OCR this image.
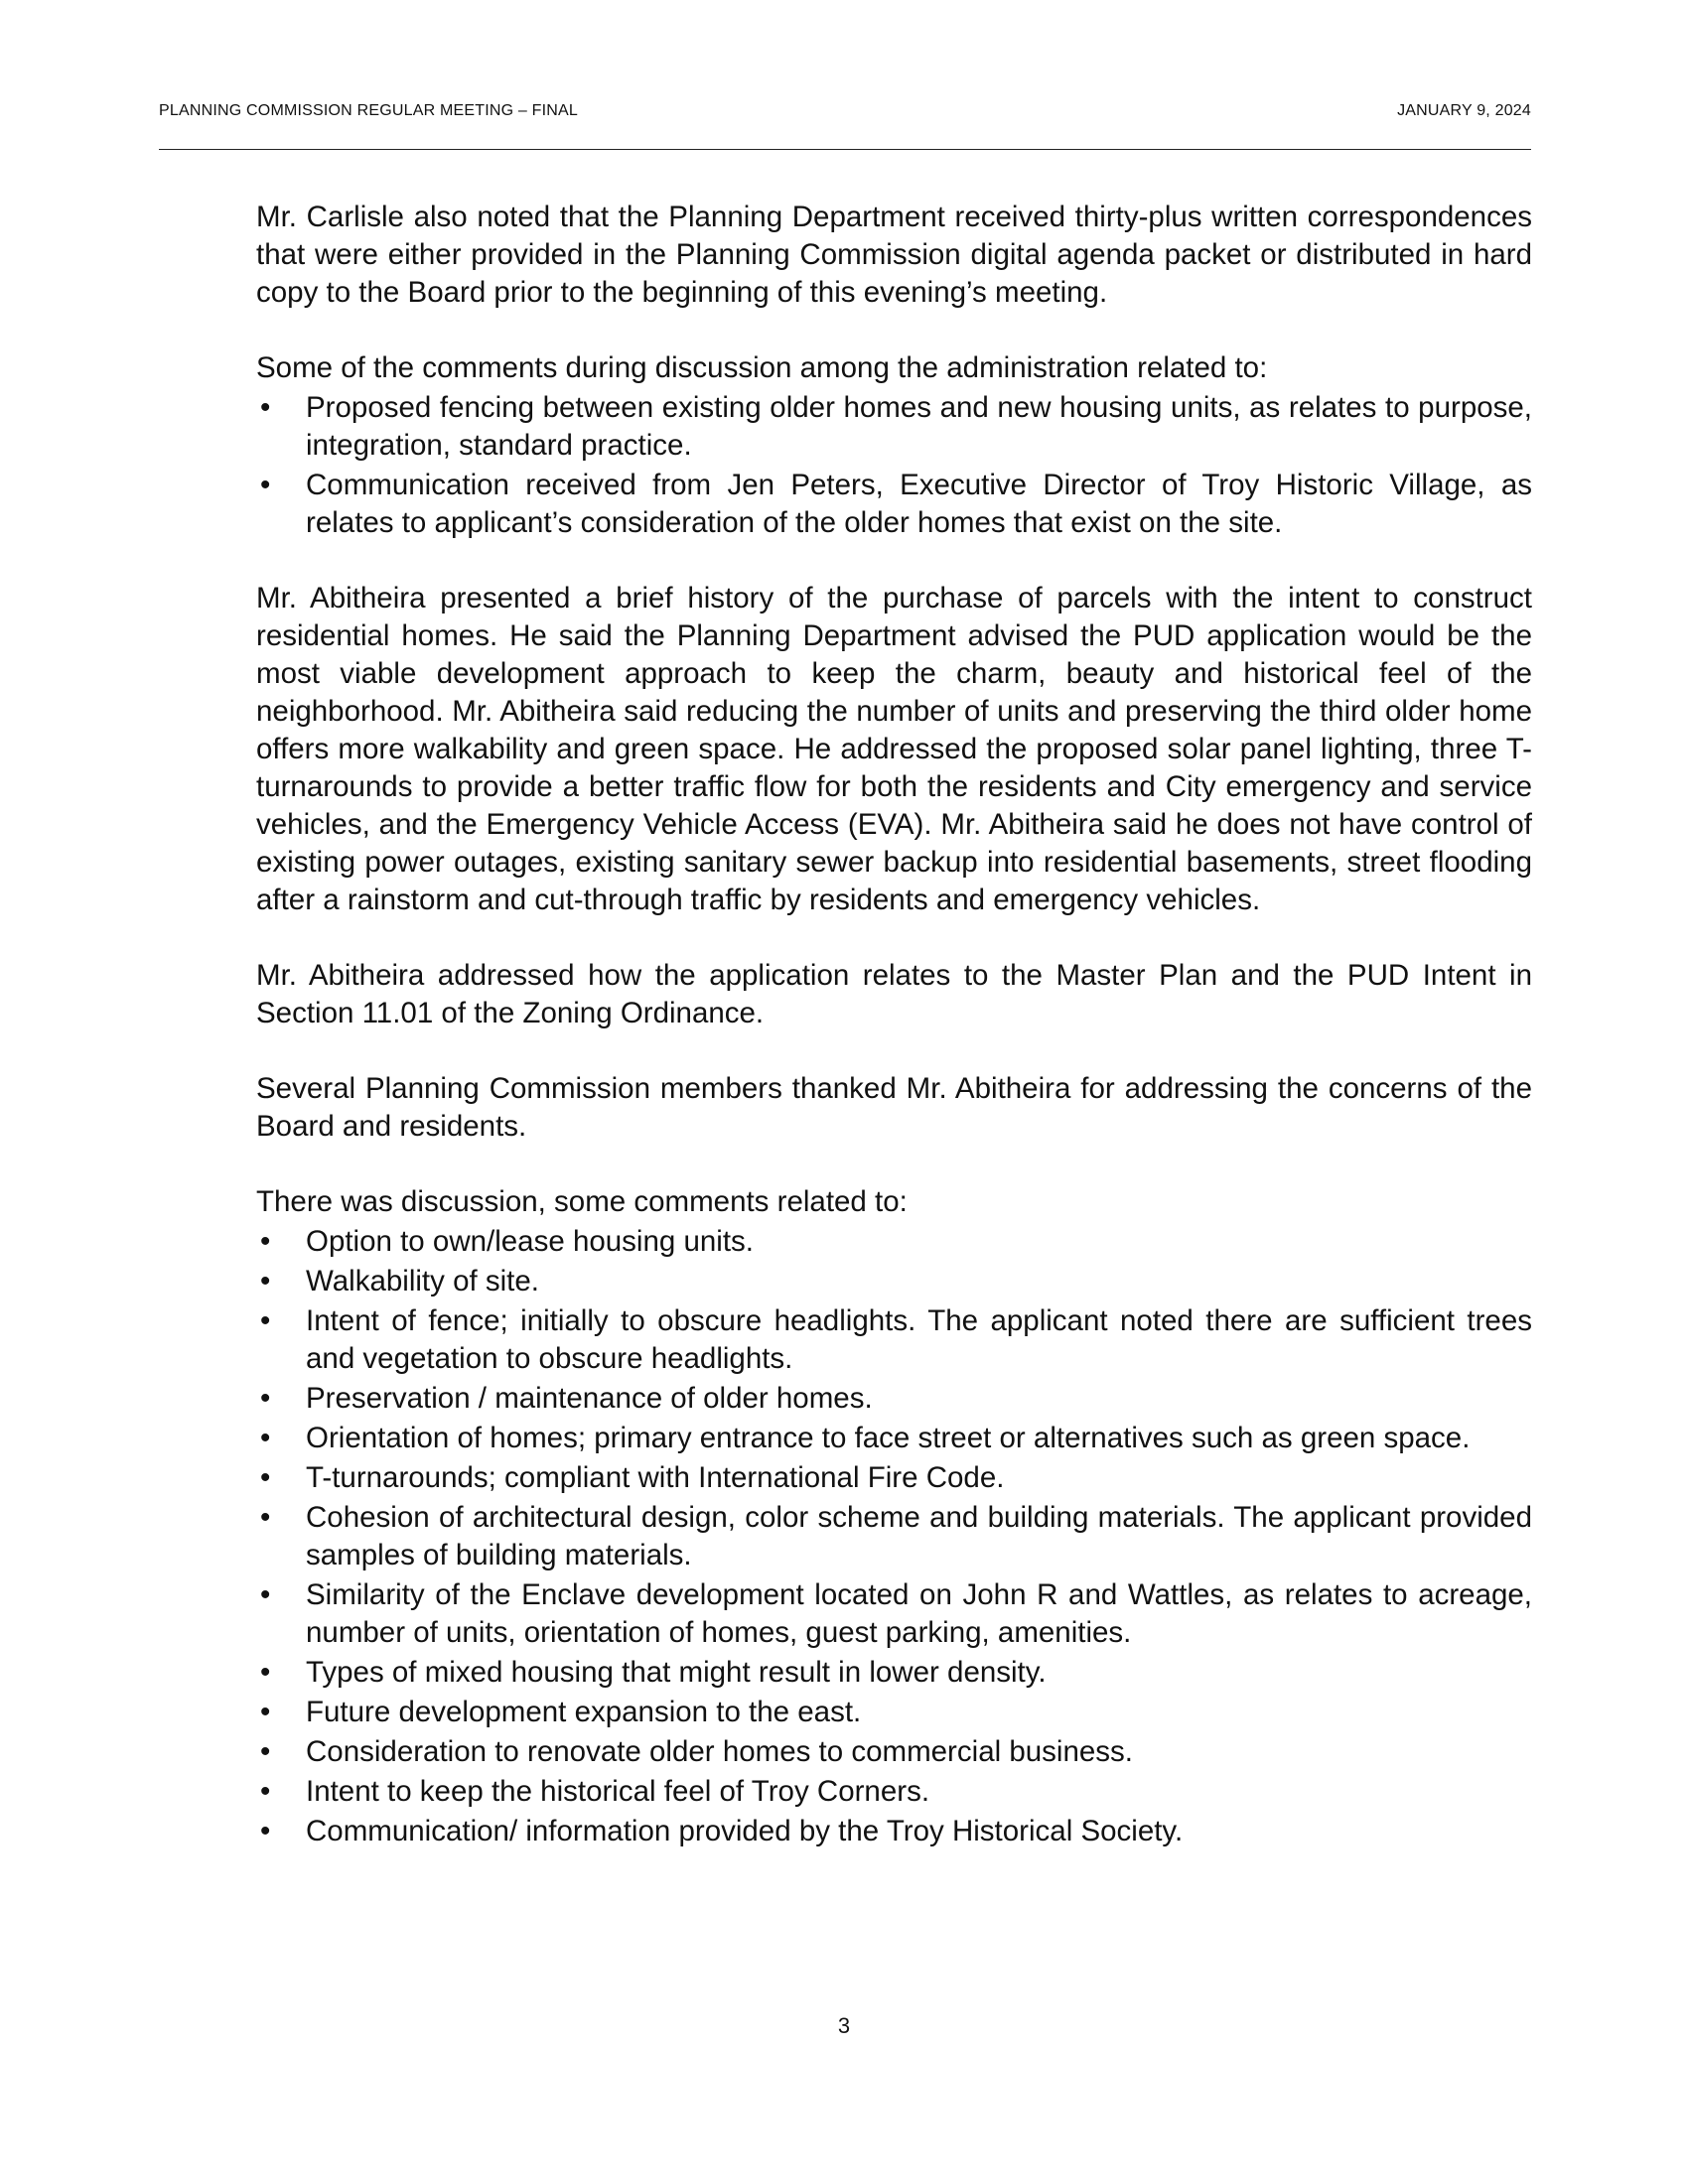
PLANNING COMMISSION REGULAR MEETING – FINAL	JANUARY 9, 2024

Mr. Carlisle also noted that the Planning Department received thirty-plus written correspondences that were either provided in the Planning Commission digital agenda packet or distributed in hard copy to the Board prior to the beginning of this evening’s meeting.

Some of the comments during discussion among the administration related to:

•	Proposed fencing between existing older homes and new housing units, as relates to purpose, integration, standard practice.
•	Communication received from Jen Peters, Executive Director of Troy Historic Village, as relates to applicant’s consideration of the older homes that exist on the site.

Mr. Abitheira presented a brief history of the purchase of parcels with the intent to construct residential homes. He said the Planning Department advised the PUD application would be the most viable development approach to keep the charm, beauty and historical feel of the neighborhood. Mr. Abitheira said reducing the number of units and preserving the third older home offers more walkability and green space. He addressed the proposed solar panel lighting, three T-turnarounds to provide a better traffic flow for both the residents and City emergency and service vehicles, and the Emergency Vehicle Access (EVA). Mr. Abitheira said he does not have control of existing power outages, existing sanitary sewer backup into residential basements, street flooding after a rainstorm and cut-through traffic by residents and emergency vehicles.

Mr. Abitheira addressed how the application relates to the Master Plan and the PUD Intent in Section 11.01 of the Zoning Ordinance.

Several Planning Commission members thanked Mr. Abitheira for addressing the concerns of the Board and residents.

There was discussion, some comments related to:

•	Option to own/lease housing units.
•	Walkability of site.
•	Intent of fence; initially to obscure headlights. The applicant noted there are sufficient trees and vegetation to obscure headlights.
•	Preservation / maintenance of older homes.
•	Orientation of homes; primary entrance to face street or alternatives such as green space.
•	T-turnarounds; compliant with International Fire Code.
•	Cohesion of architectural design, color scheme and building materials. The applicant provided samples of building materials.
•	Similarity of the Enclave development located on John R and Wattles, as relates to acreage, number of units, orientation of homes, guest parking, amenities.
•	Types of mixed housing that might result in lower density.
•	Future development expansion to the east.
•	Consideration to renovate older homes to commercial business.
•	Intent to keep the historical feel of Troy Corners.
•	Communication/ information provided by the Troy Historical Society.
3
